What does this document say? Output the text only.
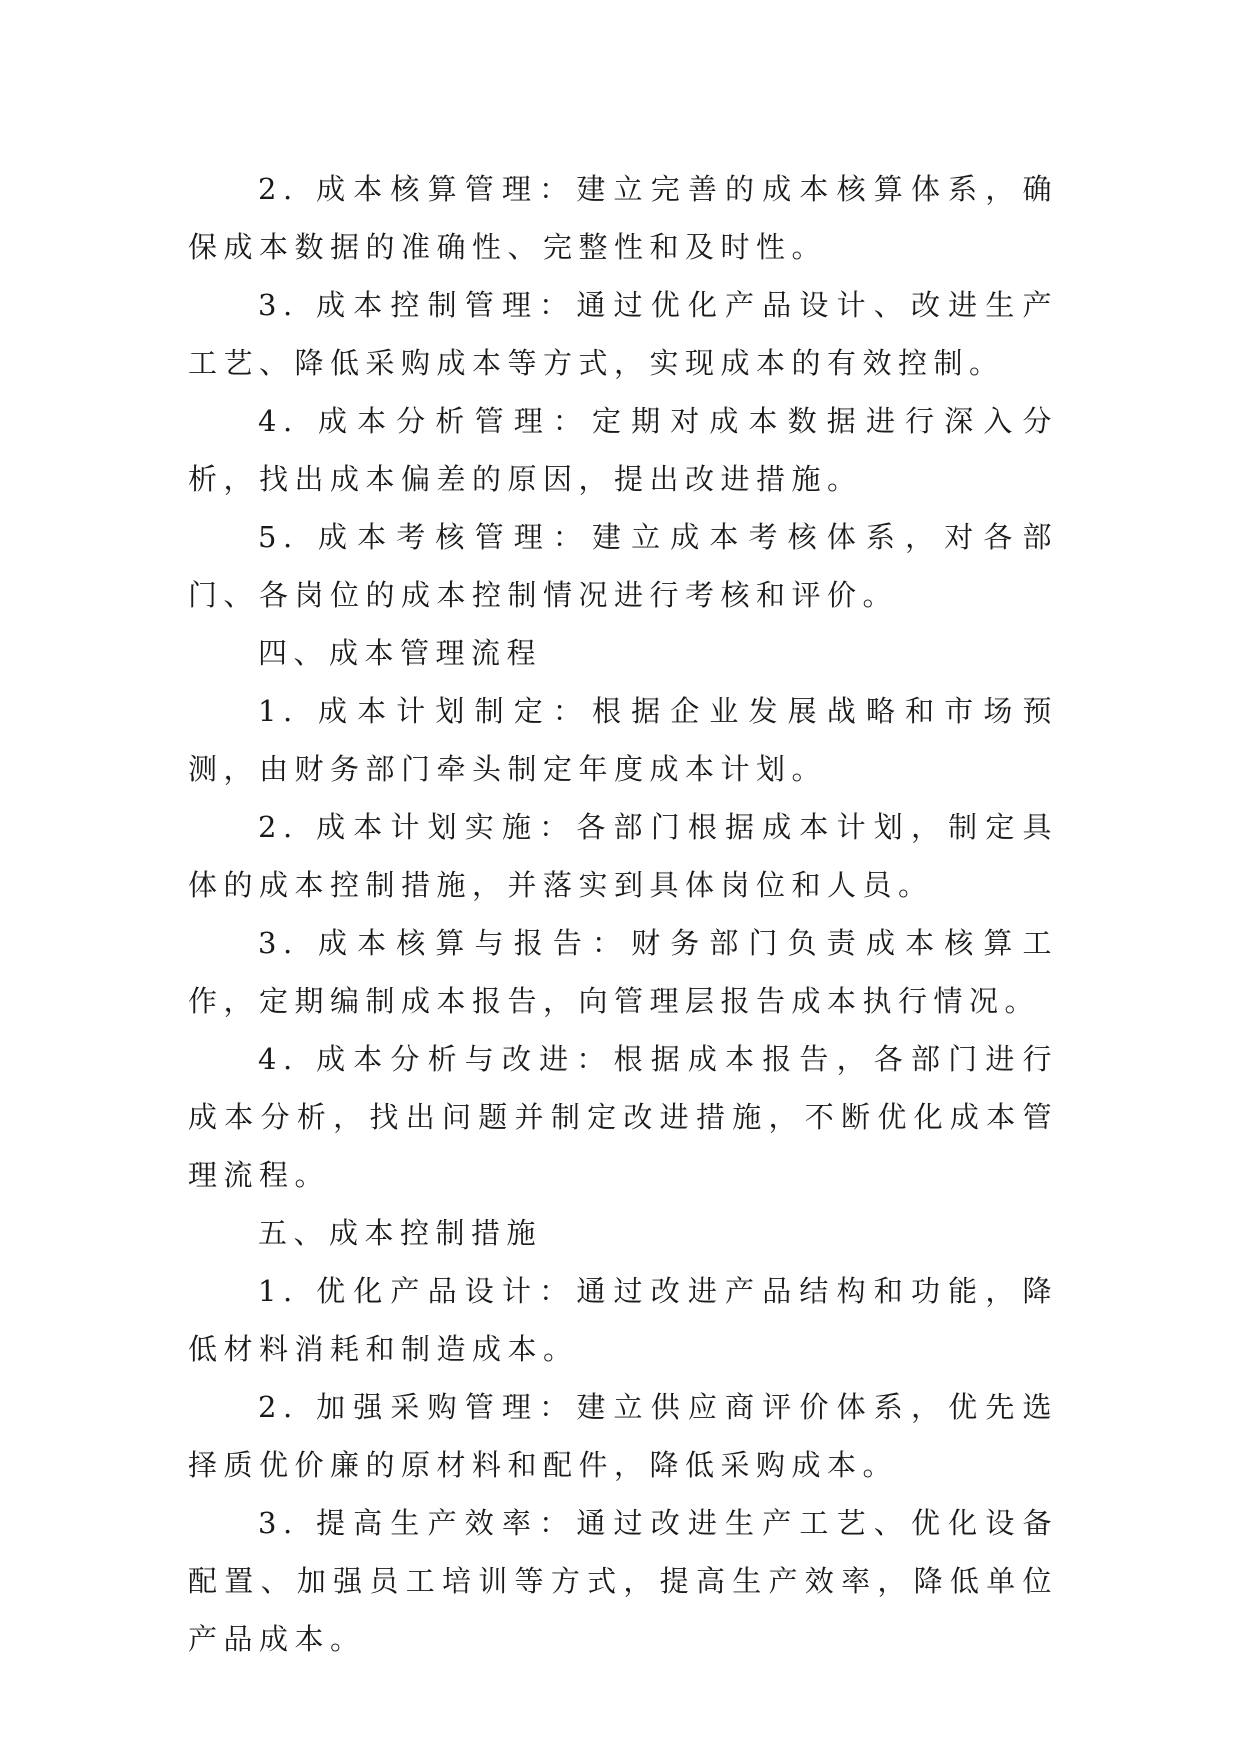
2. 成本核算管理：建立完善的成本核算体系，确保成本数据的准确性、完整性和及时性。

3. 成本控制管理：通过优化产品设计、改进生产工艺、降低采购成本等方式，实现成本的有效控制。

4. 成本分析管理：定期对成本数据进行深入分析，找出成本偏差的原因，提出改进措施。

5. 成本考核管理：建立成本考核体系，对各部门、各岗位的成本控制情况进行考核和评价。

四、成本管理流程

1. 成本计划制定：根据企业发展战略和市场预测，由财务部门牵头制定年度成本计划。

2. 成本计划实施：各部门根据成本计划，制定具体的成本控制措施，并落实到具体岗位和人员。

3. 成本核算与报告：财务部门负责成本核算工作，定期编制成本报告，向管理层报告成本执行情况。

4. 成本分析与改进：根据成本报告，各部门进行成本分析，找出问题并制定改进措施，不断优化成本管理流程。

五、成本控制措施

1. 优化产品设计：通过改进产品结构和功能，降低材料消耗和制造成本。

2. 加强采购管理：建立供应商评价体系，优先选择质优价廉的原材料和配件，降低采购成本。

3. 提高生产效率：通过改进生产工艺、优化设备配置、加强员工培训等方式，提高生产效率，降低单位产品成本。
